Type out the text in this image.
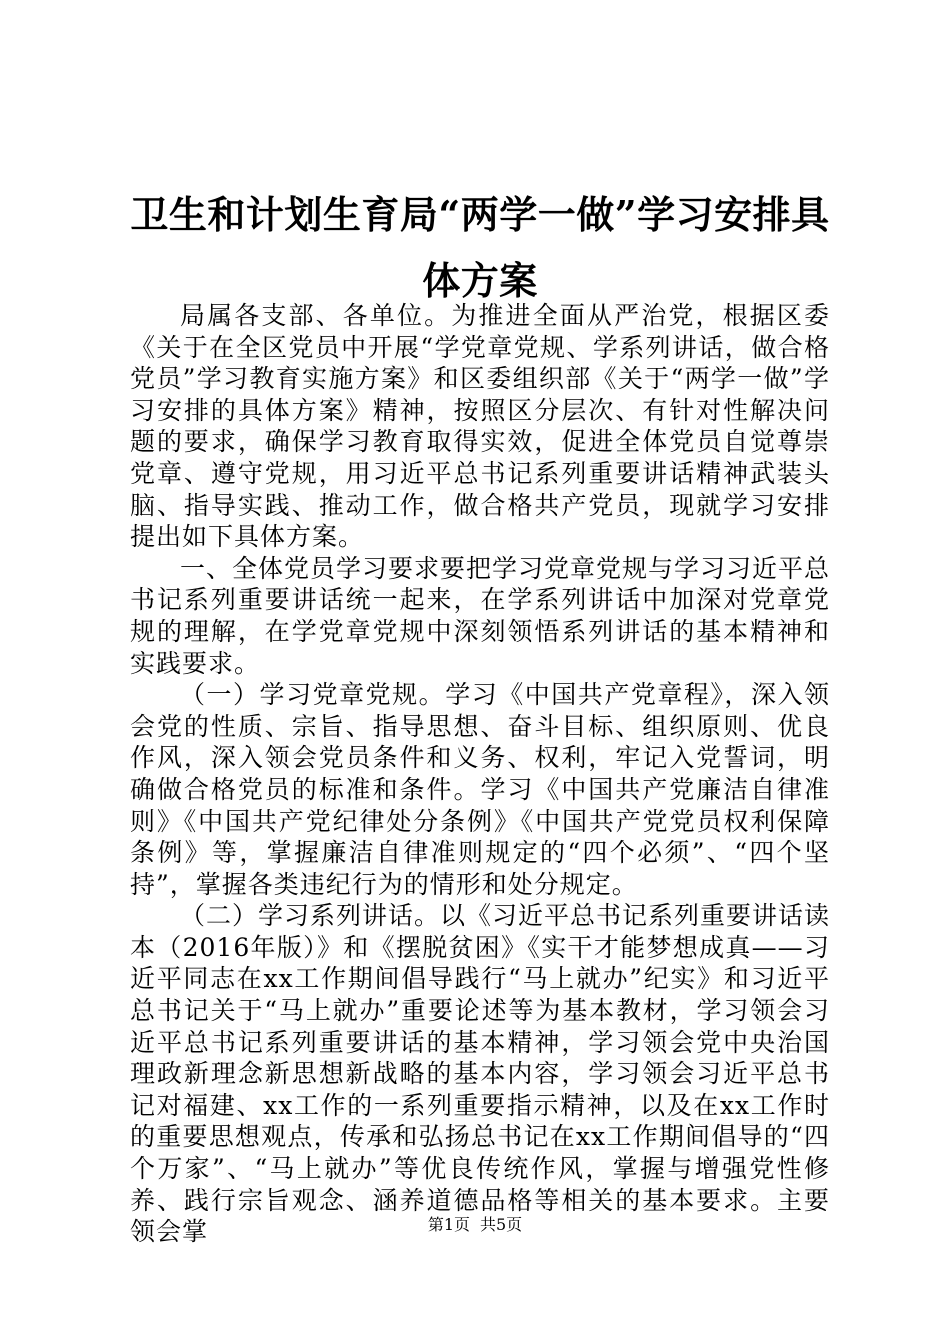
卫生和计划生育局“两学一做”学习安排具体方案

局属各支部、各单位。为推进全面从严治党，根据区委《关于在全区党员中开展“学党章党规、学系列讲话，做合格党员”学习教育实施方案》和区委组织部《关于“两学一做”学习安排的具体方案》精神，按照区分层次、有针对性解决问题的要求，确保学习教育取得实效，促进全体党员自觉尊崇党章、遵守党规，用习近平总书记系列重要讲话精神武装头脑、指导实践、推动工作，做合格共产党员，现就学习安排提出如下具体方案。

一、全体党员学习要求要把学习党章党规与学习习近平总书记系列重要讲话统一起来，在学系列讲话中加深对党章党规的理解，在学党章党规中深刻领悟系列讲话的基本精神和实践要求。

（一）学习党章党规。学习《中国共产党章程》，深入领会党的性质、宗旨、指导思想、奋斗目标、组织原则、优良作风，深入领会党员条件和义务、权利，牢记入党誓词，明确做合格党员的标准和条件。学习《中国共产党廉洁自律准则》《中国共产党纪律处分条例》《中国共产党党员权利保障条例》等，掌握廉洁自律准则规定的“四个必须”、“四个坚持”，掌握各类违纪行为的情形和处分规定。

（二）学习系列讲话。以《习近平总书记系列重要讲话读本（2016年版）》和《摆脱贫困》《实干才能梦想成真——习近平同志在xx工作期间倡导践行“马上就办”纪实》和习近平总书记关于“马上就办”重要论述等为基本教材，学习领会习近平总书记系列重要讲话的基本精神，学习领会党中央治国理政新理念新思想新战略的基本内容，学习领会习近平总书记对福建、xx工作的一系列重要指示精神，以及在xx工作时的重要思想观点，传承和弘扬总书记在xx工作期间倡导的“四个万家”、“马上就办”等优良传统作风，掌握与增强党性修养、践行宗旨观念、涵养道德品格等相关的基本要求。主要领会掌	第1页 共5页
